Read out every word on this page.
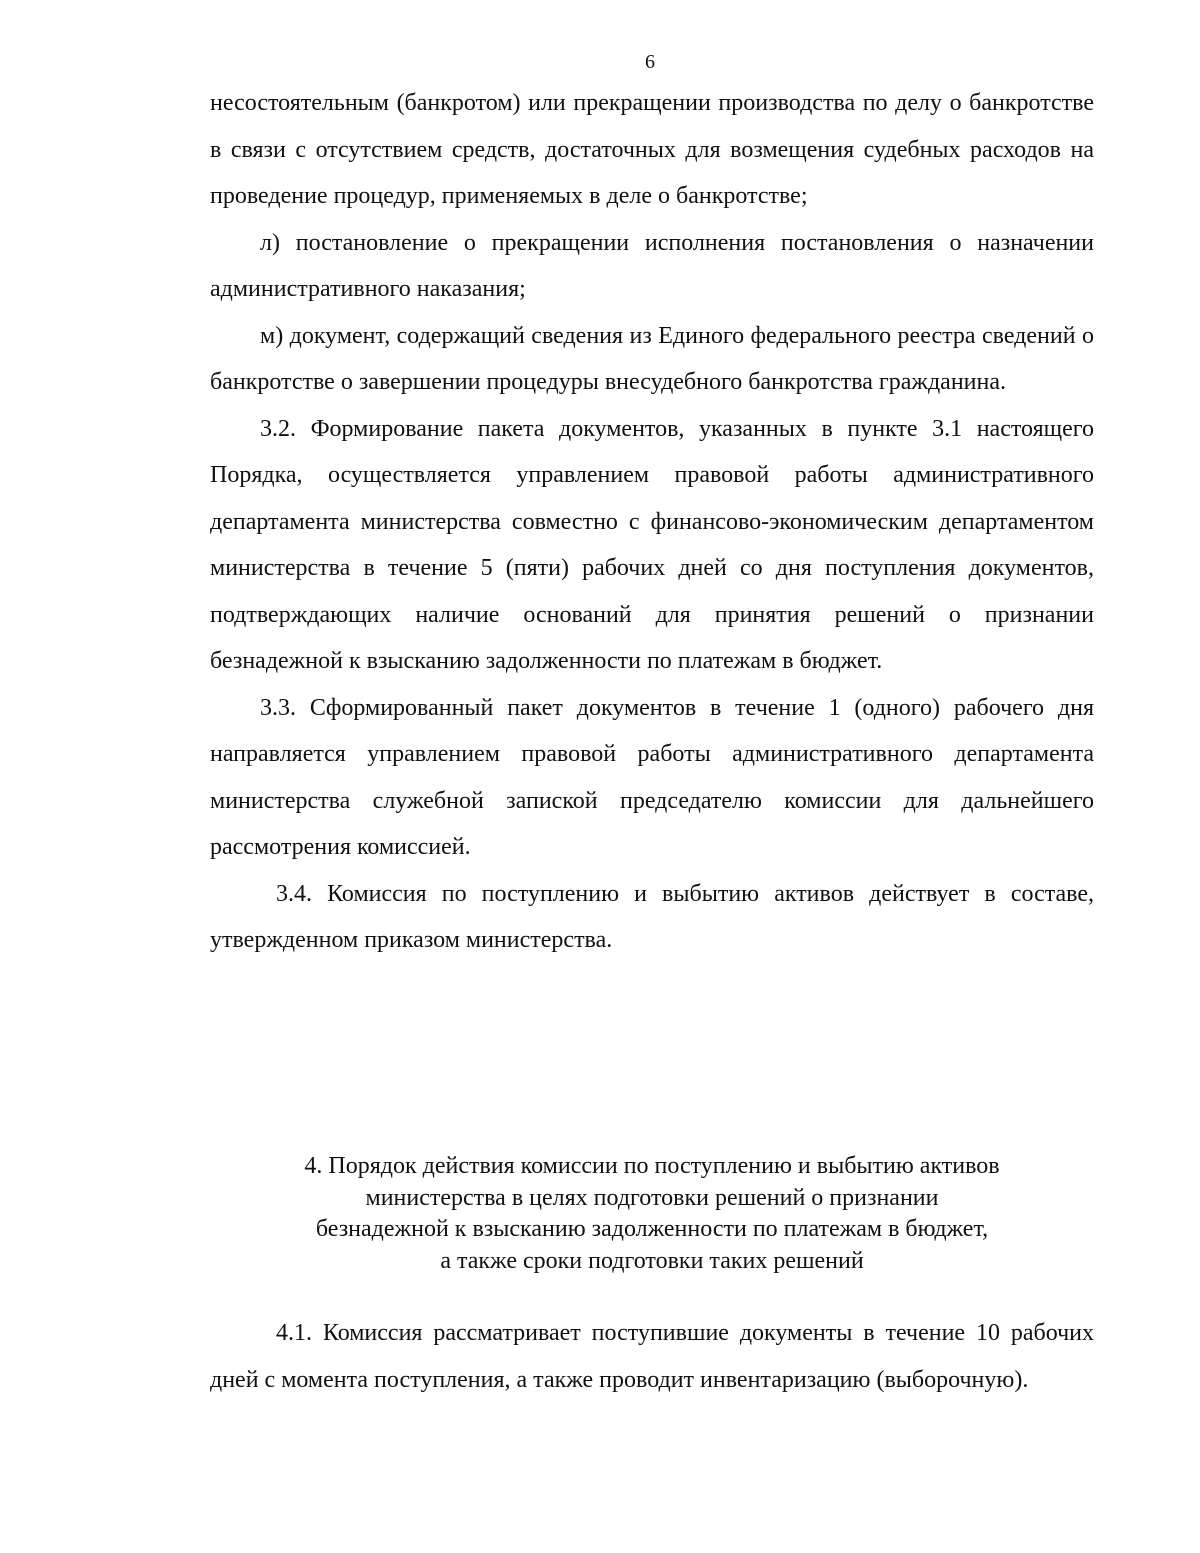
6

несостоятельным (банкротом) или прекращении производства по делу о банкротстве в связи с отсутствием средств, достаточных для возмещения судебных расходов на проведение процедур, применяемых в деле о банкротстве;

л) постановление о прекращении исполнения постановления о назначении административного наказания;

м) документ, содержащий сведения из Единого федерального реестра сведений о банкротстве о завершении процедуры внесудебного банкротства гражданина.

3.2. Формирование пакета документов, указанных в пункте 3.1 настоящего Порядка, осуществляется управлением правовой работы административного департамента министерства совместно с финансово-экономическим департаментом министерства в течение 5 (пяти) рабочих дней со дня поступления документов, подтверждающих наличие оснований для принятия решений о признании безнадежной к взысканию задолженности по платежам в бюджет.

3.3. Сформированный пакет документов в течение 1 (одного) рабочего дня направляется управлением правовой работы административного департамента министерства служебной запиской председателю комиссии для дальнейшего рассмотрения комиссией.

3.4. Комиссия по поступлению и выбытию активов действует в составе, утвержденном приказом министерства.

4. Порядок действия комиссии по поступлению и выбытию активов
министерства в целях подготовки решений о признании
безнадежной к взысканию задолженности по платежам в бюджет,
а также сроки подготовки таких решений

4.1. Комиссия рассматривает поступившие документы в течение 10 рабочих дней с момента поступления, а также проводит инвентаризацию (выборочную).
